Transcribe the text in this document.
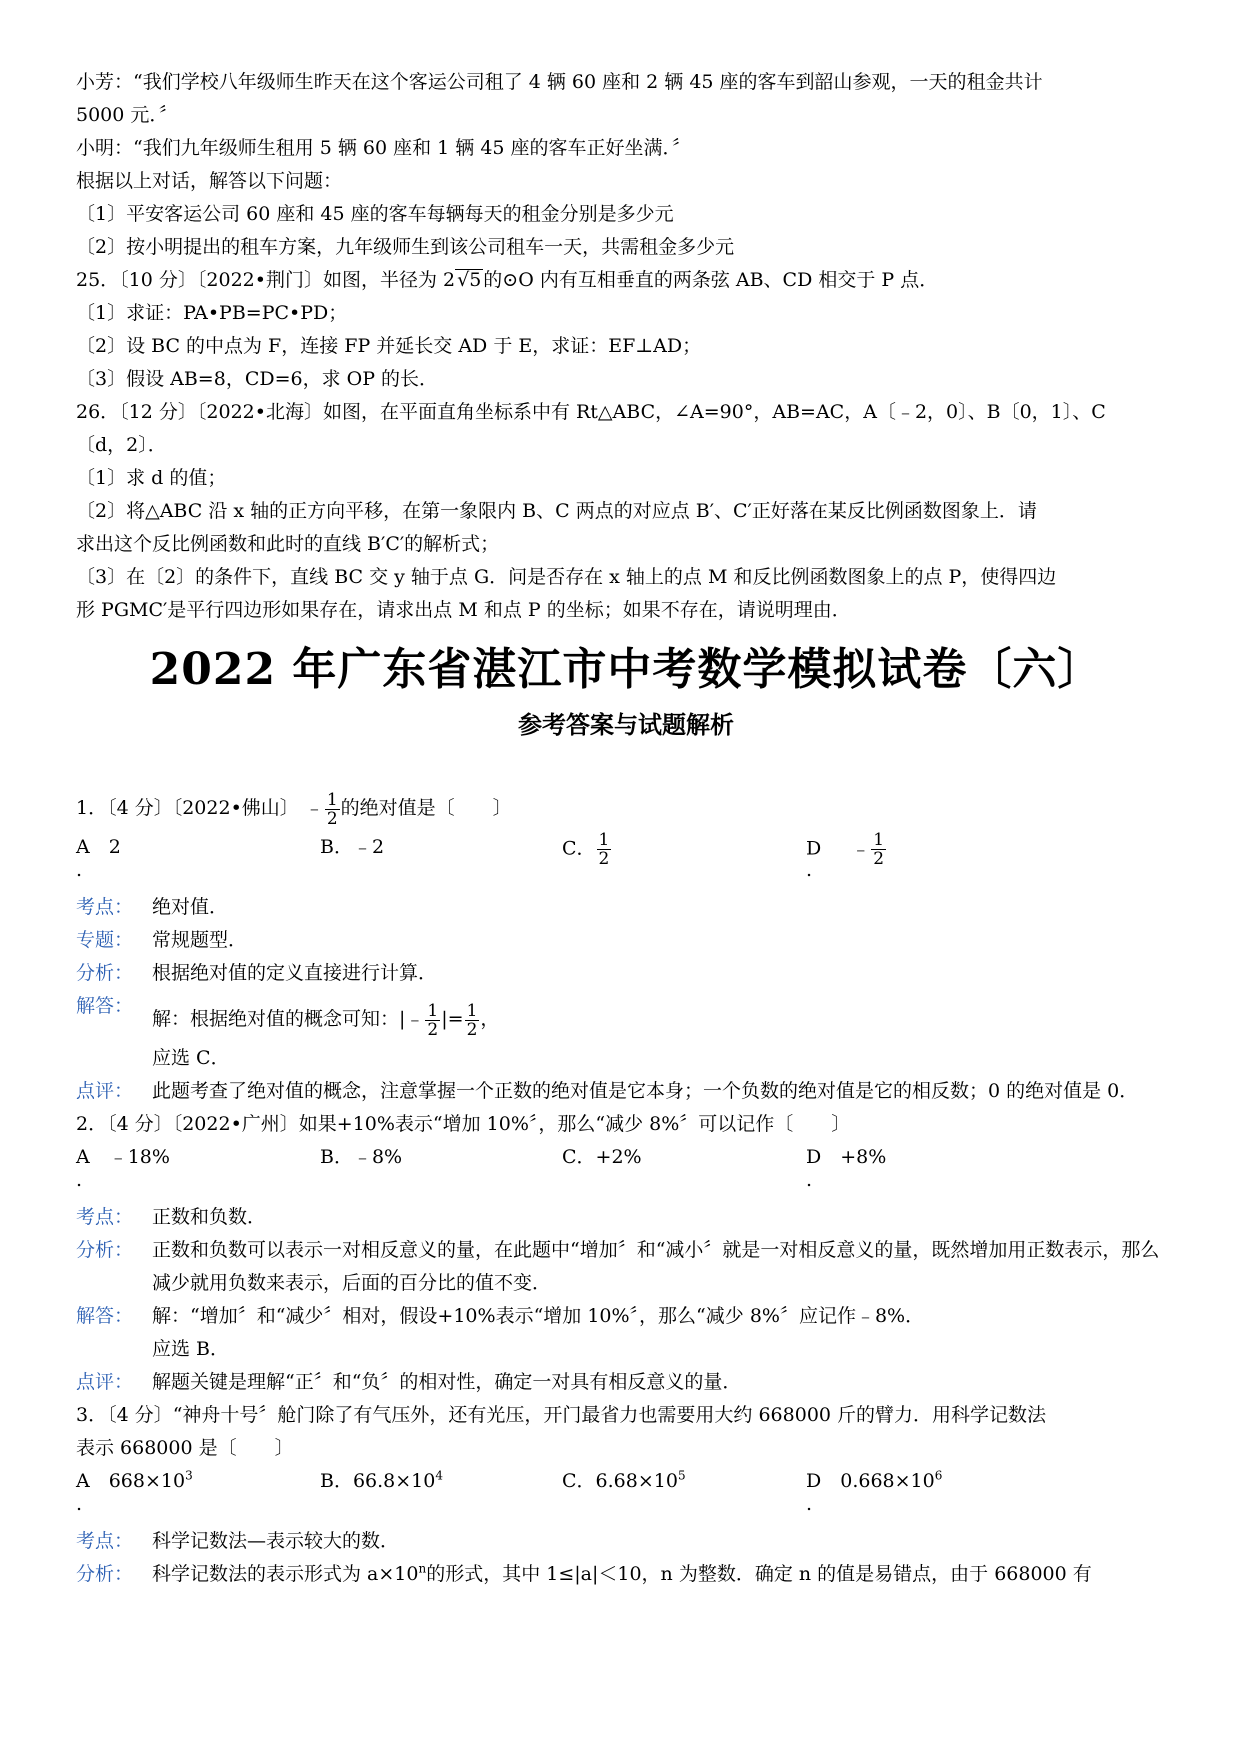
小芳：“我们学校八年级师生昨天在这个客运公司租了 4 辆 60 座和 2 辆 45 座的客车到韶山参观，一天的租金共计
5000 元．〞
小明：“我们九年级师生租用 5 辆 60 座和 1 辆 45 座的客车正好坐满．〞
根据以上对话，解答以下问题：
〔1〕平安客运公司 60 座和 45 座的客车每辆每天的租金分别是多少元
〔2〕按小明提出的租车方案，九年级师生到该公司租车一天，共需租金多少元
25．〔10 分〕〔2022•荆门〕如图，半径为 2 √5 的⊙O 内有互相垂直的两条弦 AB、CD 相交于 P 点．
〔1〕求证：PA•PB=PC•PD；
〔2〕设 BC 的中点为 F，连接 FP 并延长交 AD 于 E，求证：EF⊥AD；
〔3〕假设 AB=8，CD=6，求 OP 的长．
26．〔12 分〕〔2022•北海〕如图，在平面直角坐标系中有 Rt△ABC，∠A=90°，AB=AC，A〔﹣2，0〕、B〔0，1〕、C
〔d，2〕．
〔1〕求 d 的值；
〔2〕将△ABC 沿 x 轴的正方向平移，在第一象限内 B、C 两点的对应点 B′、C′正好落在某反比例函数图象上．请
求出这个反比例函数和此时的直线 B′C′的解析式；
〔3〕在〔2〕的条件下，直线 BC 交 y 轴于点 G．问是否存在 x 轴上的点 M 和反比例函数图象上的点 P，使得四边
形 PGMC′是平行四边形如果存在，请求出点 M 和点 P 的坐标；如果不存在，请说明理由．
2022 年广东省湛江市中考数学模拟试卷〔六〕
参考答案与试题解析
1．〔4 分〕〔2022•佛山〕 ﹣ $\frac{1}{2}$ 的绝对值是〔　　〕
A　2
.
B．﹣2	C． $\frac{1}{2}$	D ﹣ $\frac{1}{2}$
.
考点： 绝对值．
专题： 常规题型．
分析： 根据绝对值的定义直接进行计算．
解答：
解：根据绝对值的概念可知：|﹣ $\frac{1}{2}$ |= $\frac{1}{2}$ ，
应选 C．
点评： 此题考查了绝对值的概念，注意掌握一个正数的绝对值是它本身；一个负数的绝对值是它的相反数；0 的绝对值是 0．
2．〔4 分〕〔2022•广州〕如果+10%表示“增加 10%〞，那么“减少 8%〞可以记作〔　　〕
A　﹣18%
.
B．﹣8%	C．+2%	D　+8%
.
考点： 正数和负数．
分析： 正数和负数可以表示一对相反意义的量，在此题中“增加〞和“减小〞就是一对相反意义的量，既然增加用正数表示，那么减少就用负数来表示，后面的百分比的值不变．
解答： 解：“增加〞和“减少〞相对，假设+10%表示“增加 10%〞，那么“减少 8%〞应记作﹣8%．
应选 B．
点评： 解题关键是理解“正〞和“负〞的相对性，确定一对具有相反意义的量．
3．〔4 分〕“神舟十号〞舱门除了有气压外，还有光压，开门最省力也需要用大约 668000 斤的臂力．用科学记数法
表示 668000 是〔　　〕
A　$668\times 10^3$
.
B．$66.8\times 10^4$	C．$6.68\times 10^5$	D　$0.668\times 10^6$
.
考点： 科学记数法—表示较大的数．
分析： 科学记数法的表示形式为 $a\times 10^n$的形式，其中 1≤|a|＜10，n 为整数．确定 n 的值是易错点，由于 668000 有
